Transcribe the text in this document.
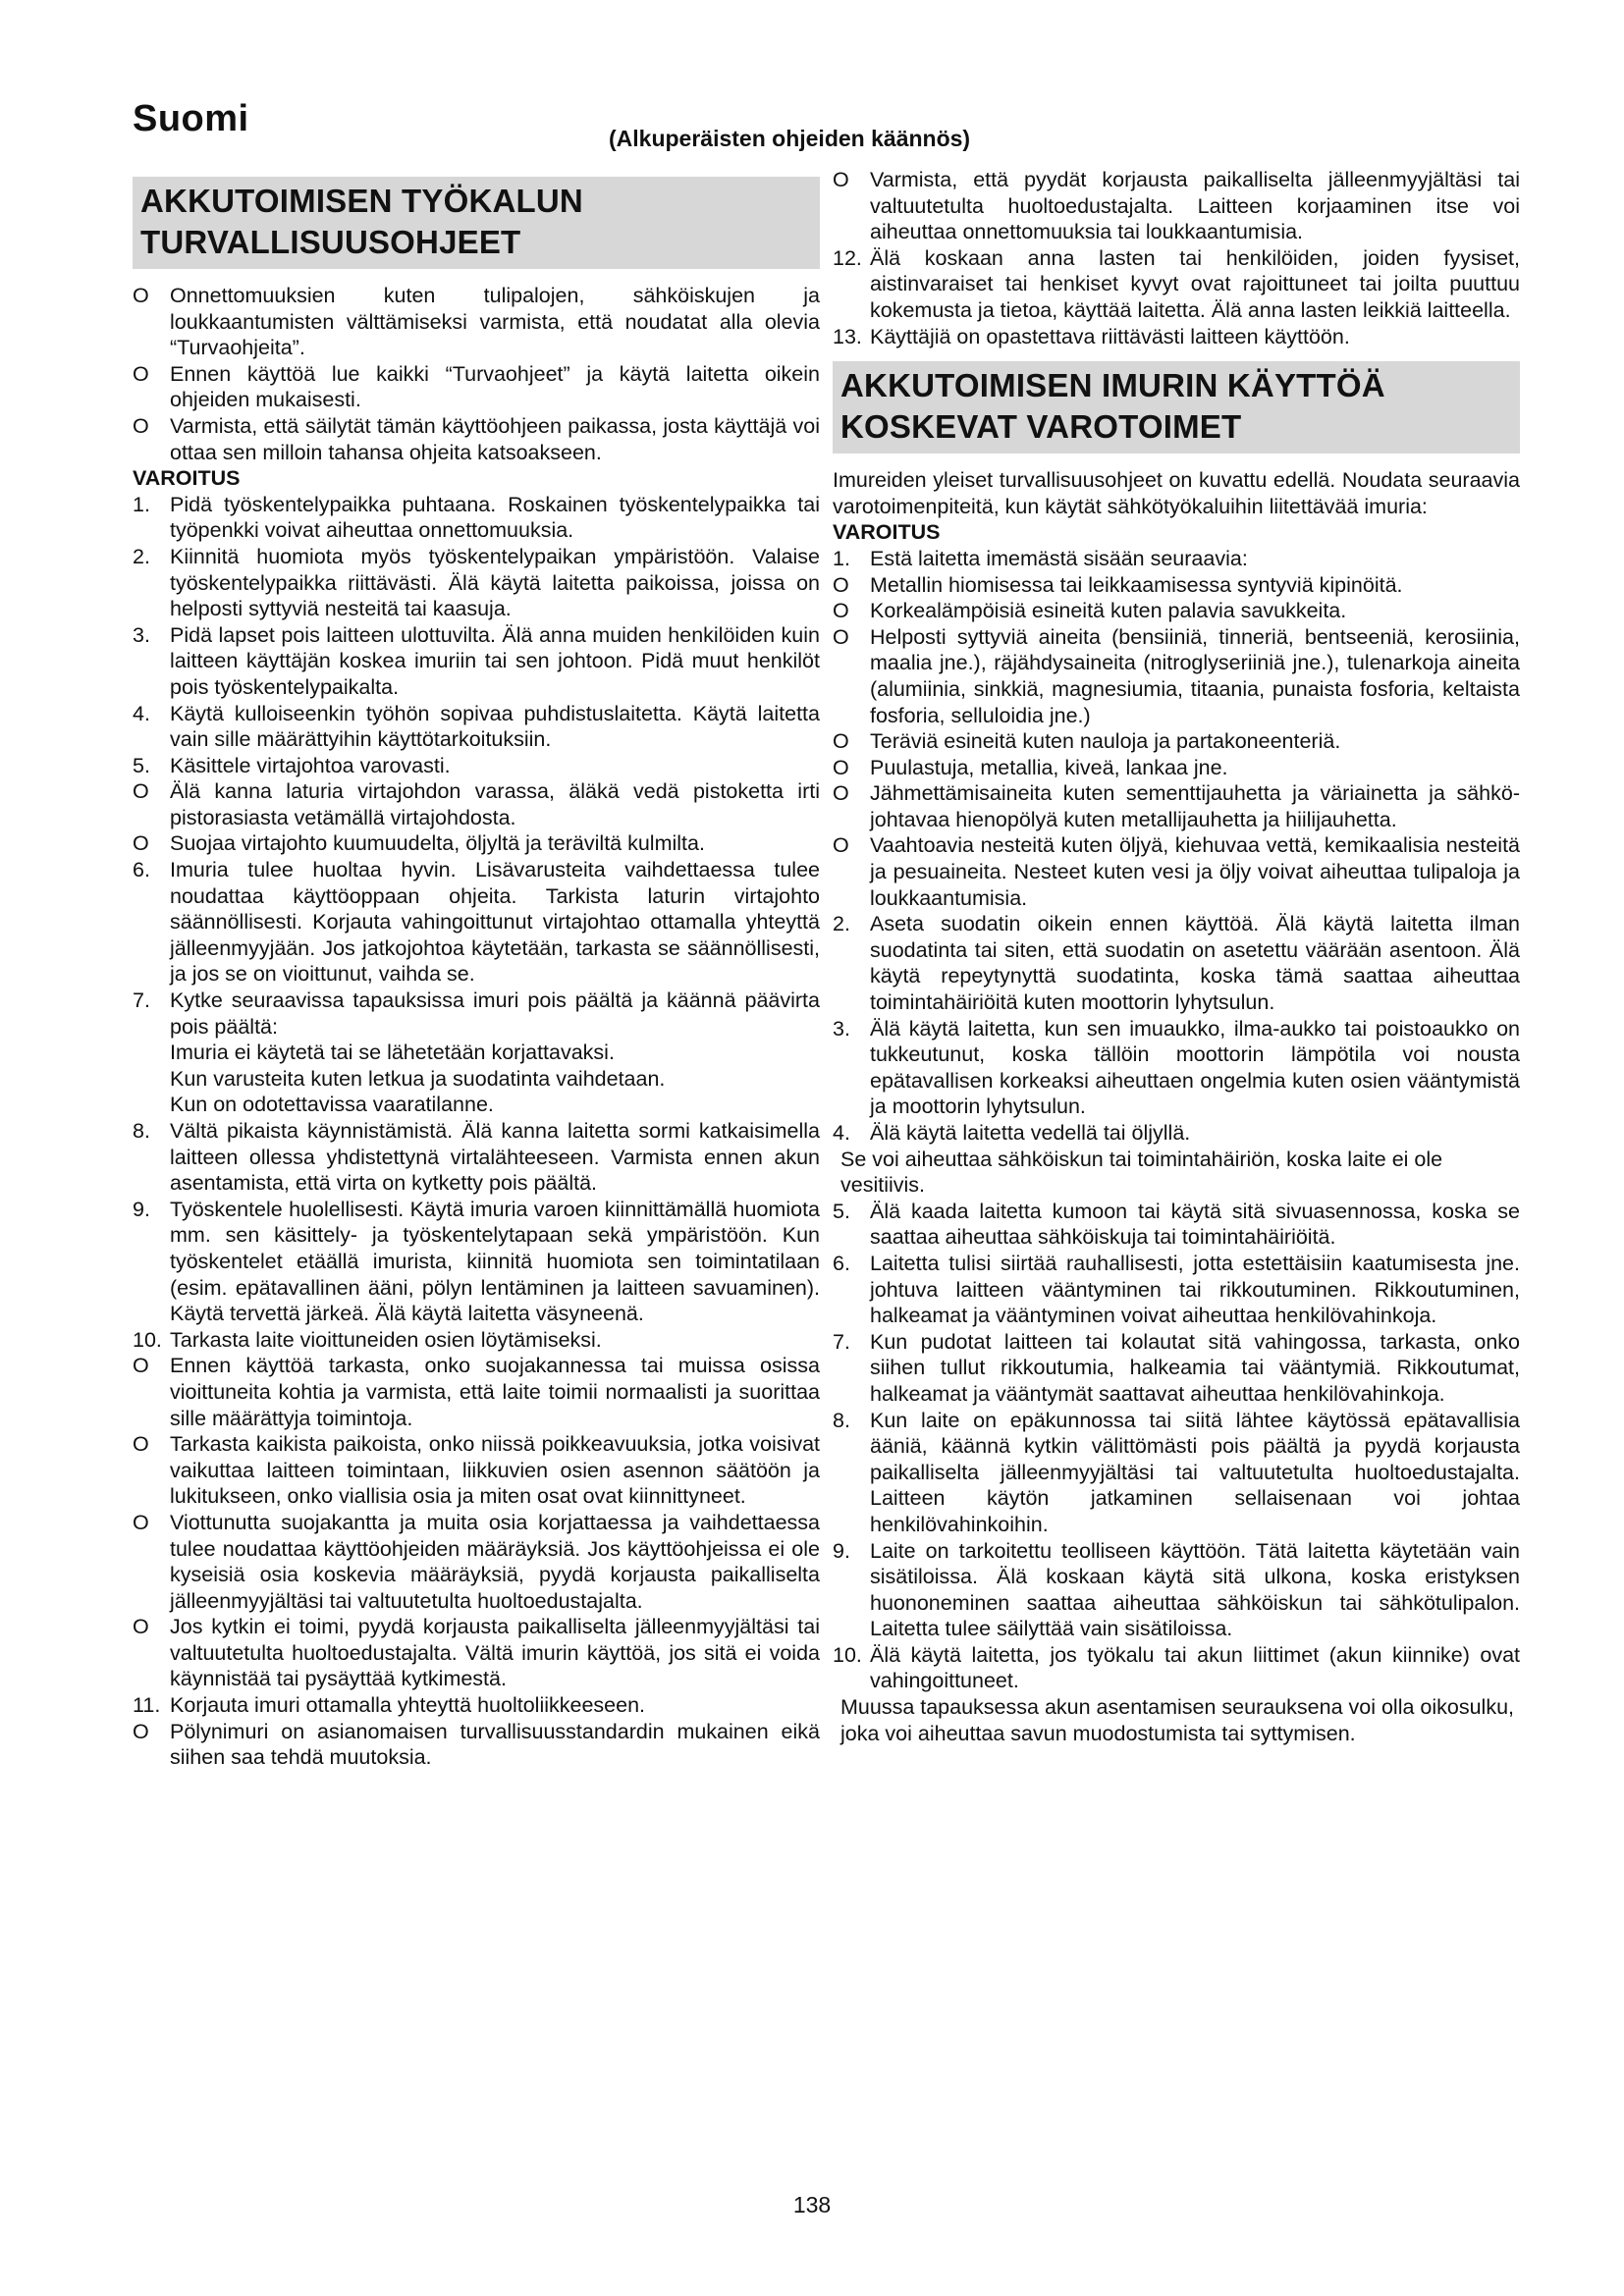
Suomi	(Alkuperäisten ohjeiden käännös)
AKKUTOIMISEN TYÖKALUN TURVALLISUUSOHJEET
O Onnettomuuksien kuten tulipalojen, sähköiskujen ja loukkaantumisten välttämiseksi varmista, että noudatat alla olevia “Turvaohjeita”.
O Ennen käyttöä lue kaikki “Turvaohjeet” ja käytä laitetta oikein ohjeiden mukaisesti.
O Varmista, että säilytät tämän käyttöohjeen paikassa, josta käyttäjä voi ottaa sen milloin tahansa ohjeita katsoakseen.
VAROITUS
1. Pidä työskentelypaikka puhtaana. Roskainen työskentelypaikka tai työpenkki voivat aiheuttaa onnettomuuksia.
2. Kiinnitä huomiota myös työskentelypaikan ympäristöön. Valaise työskentelypaikka riittävästi. Älä käytä laitetta paikoissa, joissa on helposti syttyviä nesteitä tai kaasuja.
3. Pidä lapset pois laitteen ulottuvilta. Älä anna muiden henkilöiden kuin laitteen käyttäjän koskea imuriin tai sen johtoon. Pidä muut henkilöt pois työskentelypaikalta.
4. Käytä kulloiseenkin työhön sopivaa puhdistuslaitetta. Käytä laitetta vain sille määrättyihin käyttötarkoituksiin.
5. Käsittele virtajohtoa varovasti.
O Älä kanna laturia virtajohdon varassa, äläkä vedä pistoketta irti pistorasiasta vetämällä virtajohdosta.
O Suojaa virtajohto kuumuudelta, öljyltä ja teräviltä kulmilta.
6. Imuria tulee huoltaa hyvin. Lisävarusteita vaihdettaessa tulee noudattaa käyttöoppaan ohjeita. Tarkista laturin virtajohto säännöllisesti. Korjauta vahingoittunut virtajohtao ottamalla yhteyttä jälleenmyyjään. Jos jatkojohtoa käytetään, tarkasta se säännöllisesti, ja jos se on vioittunut, vaihda se.
7. Kytke seuraavissa tapauksissa imuri pois päältä ja käännä päävirta pois päältä:
Imuria ei käytetä tai se lähetetään korjattavaksi.
Kun varusteita kuten letkua ja suodatinta vaihdetaan.
Kun on odotettavissa vaaratilanne.
8. Vältä pikaista käynnistämistä. Älä kanna laitetta sormi katkaisimella laitteen ollessa yhdistettynä virtalähteeseen. Varmista ennen akun asentamista, että virta on kytketty pois päältä.
9. Työskentele huolellisesti. Käytä imuria varoen kiinnittämällä huomiota mm. sen käsittely- ja työskentelytapaan sekä ympäristöön. Kun työskentelet etäällä imurista, kiinnitä huomiota sen toimintatilaan (esim. epätavallinen ääni, pölyn lentäminen ja laitteen savuaminen). Käytä tervettä järkeä. Älä käytä laitetta väsyneenä.
10. Tarkasta laite vioittuneiden osien löytämiseksi.
O Ennen käyttöä tarkasta, onko suojakannessa tai muissa osissa vioittuneita kohtia ja varmista, että laite toimii normaalisti ja suorittaa sille määrättyja toimintoja.
O Tarkasta kaikista paikoista, onko niissä poikkeavuuksia, jotka voisivat vaikuttaa laitteen toimintaan, liikkuvien osien asennon säätöön ja lukitukseen, onko viallisia osia ja miten osat ovat kiinnittyneet.
O Viottunutta suojakantta ja muita osia korjattaessa ja vaihdettaessa tulee noudattaa käyttöohjeiden määräyksiä. Jos käyttöohjeissa ei ole kyseisiä osia koskevia määräyksiä, pyydä korjausta paikalliselta jälleenmyyjältäsi tai valtuutetulta huoltoedustajalta.
O Jos kytkin ei toimi, pyydä korjausta paikalliselta jälleenmyyjältäsi tai valtuutetulta huoltoedustajalta. Vältä imurin käyttöä, jos sitä ei voida käynnistää tai pysäyttää kytkimestä.
11. Korjauta imuri ottamalla yhteyttä huoltoliikkeeseen.
O Pölynimuri on asianomaisen turvallisuusstandardin mukainen eikä siihen saa tehdä muutoksia.
O Varmista, että pyydät korjausta paikalliselta jälleenmyyjältäsi tai valtuutetulta huoltoedustajalta. Laitteen korjaaminen itse voi aiheuttaa onnettomuuksia tai loukkaantumisia.
12. Älä koskaan anna lasten tai henkilöiden, joiden fyysiset, aistinvaraiset tai henkiset kyvyt ovat rajoittuneet tai joilta puuttuu kokemusta ja tietoa, käyttää laitetta. Älä anna lasten leikkiä laitteella.
13. Käyttäjiä on opastettava riittävästi laitteen käyttöön.
AKKUTOIMISEN IMURIN KÄYTTÖÄ KOSKEVAT VAROTOIMET
Imureiden yleiset turvallisuusohjeet on kuvattu edellä. Noudata seuraavia varotoimenpiteitä, kun käytät sähkötyökaluihin liitettävää imuria:
VAROITUS
1. Estä laitetta imemästä sisään seuraavia:
O Metallin hiomisessa tai leikkaamisessa syntyviä kipinöitä.
O Korkealämpöisiä esineitä kuten palavia savukkeita.
O Helposti syttyviä aineita (bensiiniä, tinneriä, bentseeniä, kerosiinia, maalia jne.), räjähdysaineita (nitroglyseriiniä jne.), tulenarkoja aineita (alumiinia, sinkkiä, magnesiumia, titaania, punaista fosforia, keltaista fosforia, selluloidia jne.)
O Teräviä esineitä kuten nauloja ja partakoneenteriä.
O Puulastuja, metallia, kiveä, lankaa jne.
O Jähmettämisaineita kuten sementtijauhetta ja väriainetta ja sähköjohtavaa hienopölyä kuten metallijauhetta ja hiilijauhetta.
O Vaahtoavia nesteitä kuten öljyä, kiehuvaa vettä, kemikaalisia nesteitä ja pesuaineita. Nesteet kuten vesi ja öljy voivat aiheuttaa tulipaloja ja loukkaantumisia.
2. Aseta suodatin oikein ennen käyttöä. Älä käytä laitetta ilman suodatinta tai siten, että suodatin on asetettu väärään asentoon. Älä käytä repeytynyttä suodatinta, koska tämä saattaa aiheuttaa toimintahäiriöitä kuten moottorin lyhytsulun.
3. Älä käytä laitetta, kun sen imuaukko, ilma-aukko tai poistoaukko on tukkeutunut, koska tällöin moottorin lämpötila voi nousta epätavallisen korkeaksi aiheuttaen ongelmia kuten osien vääntymistä ja moottorin lyhytsulun.
4. Älä käytä laitetta vedellä tai öljyllä.
Se voi aiheuttaa sähköiskun tai toimintahäiriön, koska laite ei ole vesitiivis.
5. Älä kaada laitetta kumoon tai käytä sitä sivuasennossa, koska se saattaa aiheuttaa sähköiskuja tai toimintahäiriöitä.
6. Laitetta tulisi siirtää rauhallisesti, jotta estettäisiin kaatumisesta jne. johtuva laitteen vääntyminen tai rikkoutuminen. Rikkoutuminen, halkeamat ja vääntyminen voivat aiheuttaa henkilövahinkoja.
7. Kun pudotat laitteen tai kolautat sitä vahingossa, tarkasta, onko siihen tullut rikkoutumia, halkeamia tai vääntymiä. Rikkoutumat, halkeamat ja vääntymät saattavat aiheuttaa henkilövahinkoja.
8. Kun laite on epäkunnossa tai siitä lähtee käytössä epätavallisia ääniä, käännä kytkin välittömästi pois päältä ja pyydä korjausta paikalliselta jälleenmyyjältäsi tai valtuutetulta huoltoedustajalta. Laitteen käytön jatkaminen sellaisenaan voi johtaa henkilövahinkoihin.
9. Laite on tarkoitettu teolliseen käyttöön. Tätä laitetta käytetään vain sisätiloissa. Älä koskaan käytä sitä ulkona, koska eristyksen huononeminen saattaa aiheuttaa sähköiskun tai sähkötulipalon. Laitetta tulee säilyttää vain sisätiloissa.
10. Älä käytä laitetta, jos työkalu tai akun liittimet (akun kiinnike) ovat vahingoittuneet.
Muussa tapauksessa akun asentamisen seurauksena voi olla oikosulku, joka voi aiheuttaa savun muodostumista tai syttymisen.
138
